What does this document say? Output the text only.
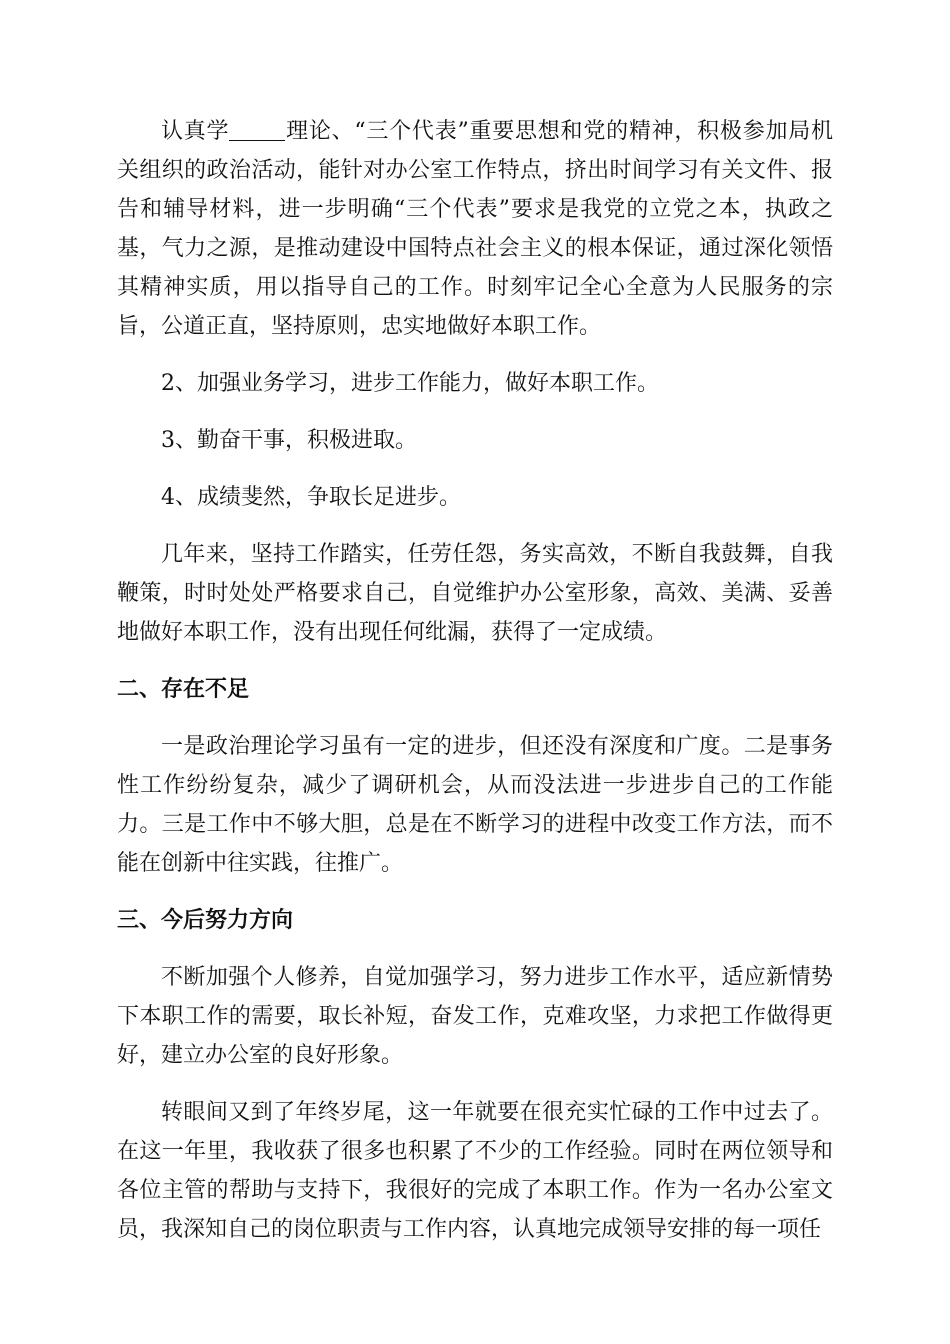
认真学	理论、“三个代表”重要思想和党的精神，积极参加局机关组织的政治活动，能针对办公室工作特点，挤出时间学习有关文件、报告和辅导材料，进一步明确“三个代表”要求是我党的立党之本，执政之基，气力之源，是推动建设中国特点社会主义的根本保证，通过深化领悟其精神实质，用以指导自己的工作。时刻牢记全心全意为人民服务的宗旨，公道正直，坚持原则，忠实地做好本职工作。

2、加强业务学习，进步工作能力，做好本职工作。

3、勤奋干事，积极进取。

4、成绩斐然，争取长足进步。

几年来，坚持工作踏实，任劳任怨，务实高效，不断自我鼓舞，自我鞭策，时时处处严格要求自己，自觉维护办公室形象，高效、美满、妥善地做好本职工作，没有出现任何纰漏，获得了一定成绩。

二、存在不足

一是政治理论学习虽有一定的进步，但还没有深度和广度。二是事务性工作纷纷复杂，减少了调研机会，从而没法进一步进步自己的工作能力。三是工作中不够大胆，总是在不断学习的进程中改变工作方法，而不能在创新中往实践，往推广。

三、今后努力方向

不断加强个人修养，自觉加强学习，努力进步工作水平，适应新情势下本职工作的需要，取长补短，奋发工作，克难攻坚，力求把工作做得更好，建立办公室的良好形象。

转眼间又到了年终岁尾，这一年就要在很充实忙碌的工作中过去了。在这一年里，我收获了很多也积累了不少的工作经验。同时在两位领导和各位主管的帮助与支持下，我很好的完成了本职工作。作为一名办公室文员，我深知自己的岗位职责与工作内容，认真地完成领导安排的每一项任
